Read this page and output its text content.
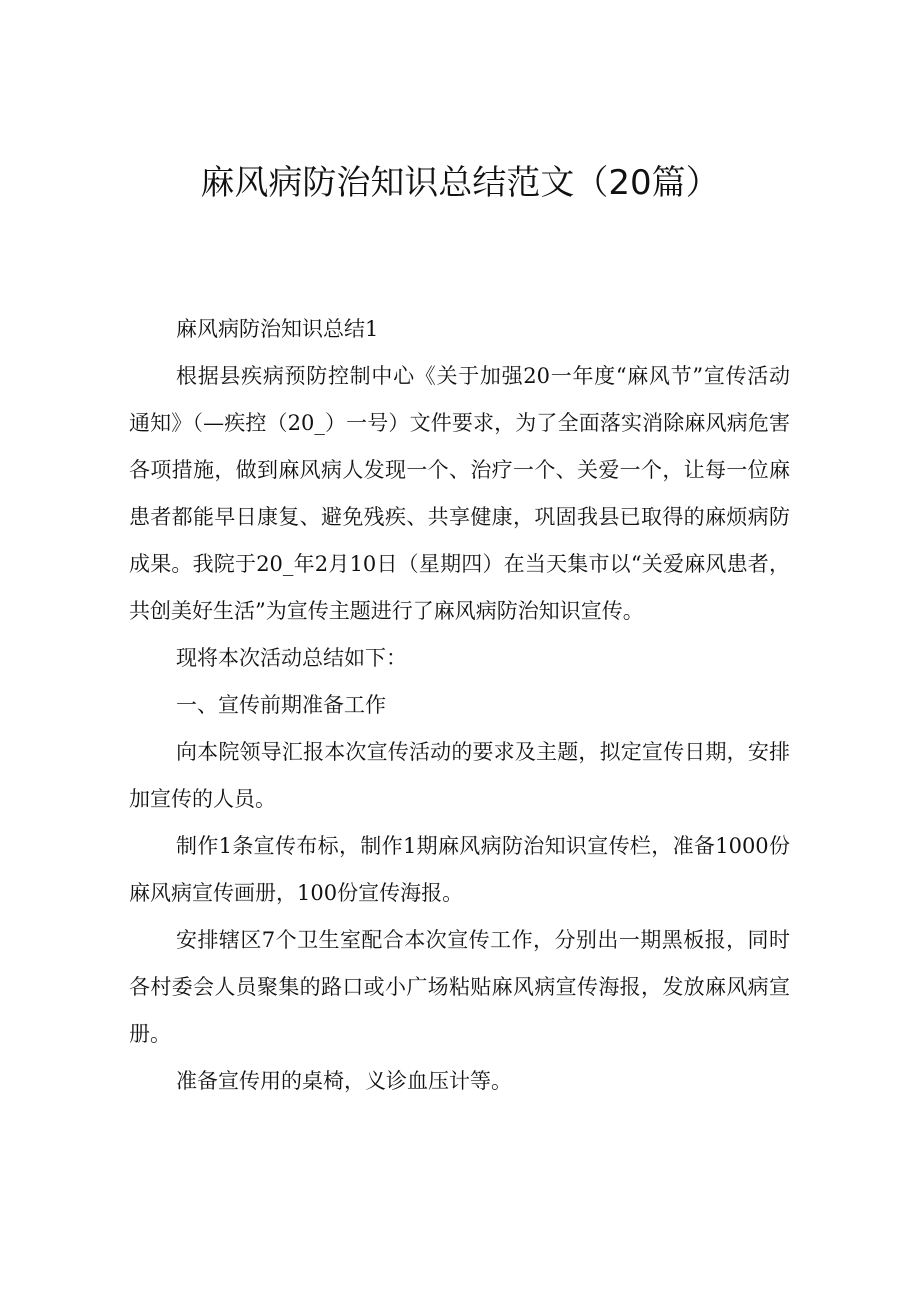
麻风病防治知识总结范文（20篇）
麻风病防治知识总结1
根据县疾病预防控制中心《关于加强20一年度“麻风节”宣传活动
通知》（—疾控（20_）一号）文件要求，为了全面落实消除麻风病危害
各项措施，做到麻风病人发现一个、治疗一个、关爱一个，让每一位麻
患者都能早日康复、避免残疾、共享健康，巩固我县已取得的麻烦病防
成果。我院于20_年2月10日（星期四）在当天集市以“关爱麻风患者，
共创美好生活”为宣传主题进行了麻风病防治知识宣传。
现将本次活动总结如下：
一、宣传前期准备工作
向本院领导汇报本次宣传活动的要求及主题，拟定宣传日期，安排
加宣传的人员。
制作1条宣传布标，制作1期麻风病防治知识宣传栏，准备1000份
麻风病宣传画册，100份宣传海报。
安排辖区7个卫生室配合本次宣传工作，分别出一期黑板报，同时
各村委会人员聚集的路口或小广场粘贴麻风病宣传海报，发放麻风病宣
册。
准备宣传用的桌椅，义诊血压计等。
